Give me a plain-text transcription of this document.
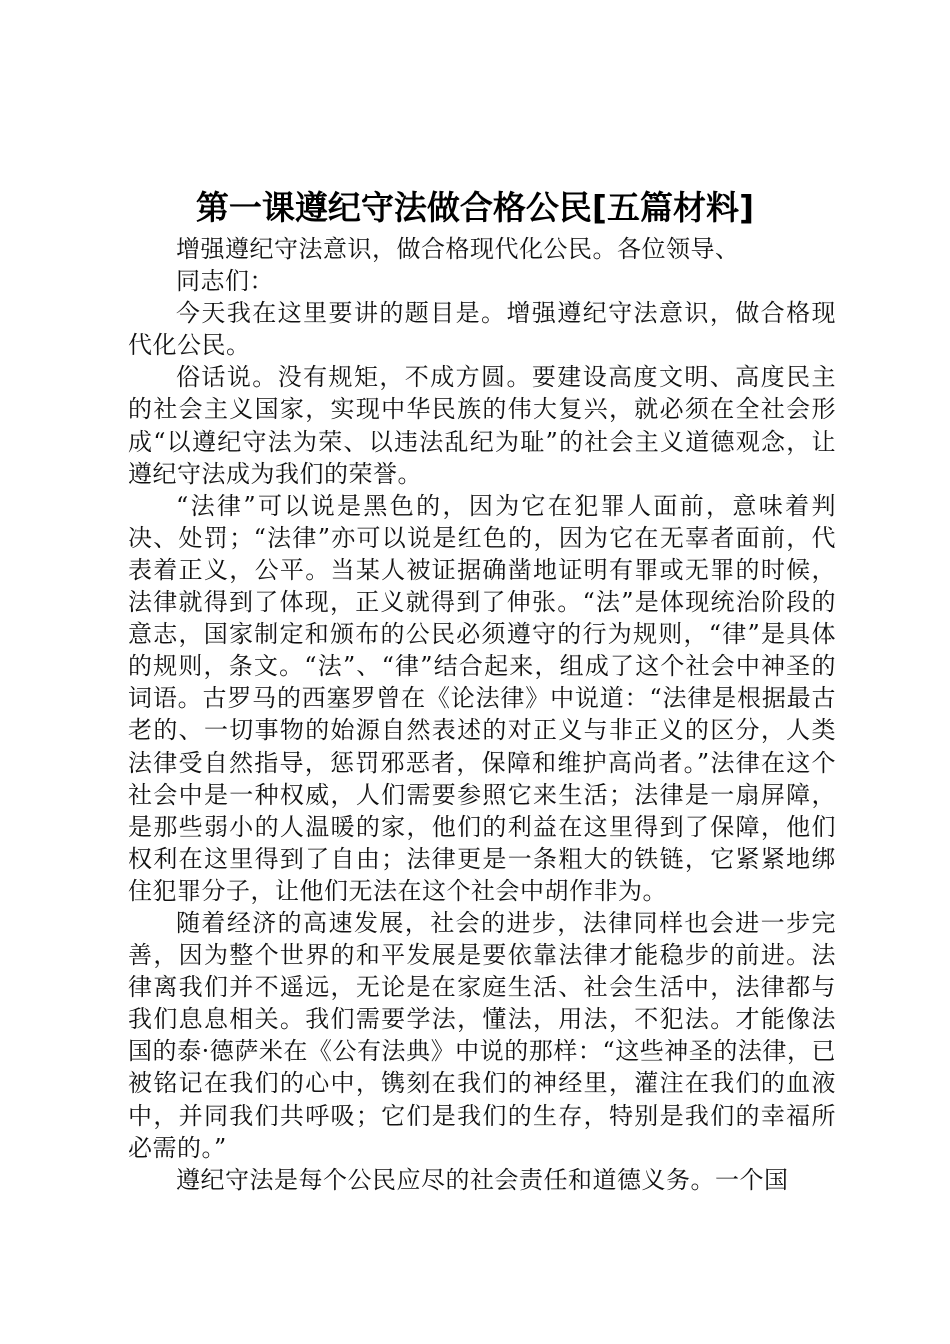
第一课遵纪守法做合格公民[五篇材料]

增强遵纪守法意识，做合格现代化公民。各位领导、

同志们：

今天我在这里要讲的题目是。增强遵纪守法意识，做合格现代化公民。

俗话说。没有规矩，不成方圆。要建设高度文明、高度民主的社会主义国家，实现中华民族的伟大复兴，就必须在全社会形成“以遵纪守法为荣、以违法乱纪为耻”的社会主义道德观念，让遵纪守法成为我们的荣誉。

“法律”可以说是黑色的，因为它在犯罪人面前，意味着判决、处罚；“法律”亦可以说是红色的，因为它在无辜者面前，代表着正义，公平。当某人被证据确凿地证明有罪或无罪的时候，法律就得到了体现，正义就得到了伸张。“法”是体现统治阶段的意志，国家制定和颁布的公民必须遵守的行为规则，“律”是具体的规则，条文。“法”、“律”结合起来，组成了这个社会中神圣的词语。古罗马的西塞罗曾在《论法律》中说道：“法律是根据最古老的、一切事物的始源自然表述的对正义与非正义的区分，人类法律受自然指导，惩罚邪恶者，保障和维护高尚者。”法律在这个社会中是一种权威，人们需要参照它来生活；法律是一扇屏障，是那些弱小的人温暖的家，他们的利益在这里得到了保障，他们权利在这里得到了自由；法律更是一条粗大的铁链，它紧紧地绑住犯罪分子，让他们无法在这个社会中胡作非为。

随着经济的高速发展，社会的进步，法律同样也会进一步完善，因为整个世界的和平发展是要依靠法律才能稳步的前进。法律离我们并不遥远，无论是在家庭生活、社会生活中，法律都与我们息息相关。我们需要学法，懂法，用法，不犯法。才能像法国的泰·德萨米在《公有法典》中说的那样：“这些神圣的法律，已被铭记在我们的心中，镌刻在我们的神经里，灌注在我们的血液中，并同我们共呼吸；它们是我们的生存，特别是我们的幸福所必需的。”

遵纪守法是每个公民应尽的社会责任和道德义务。一个国
